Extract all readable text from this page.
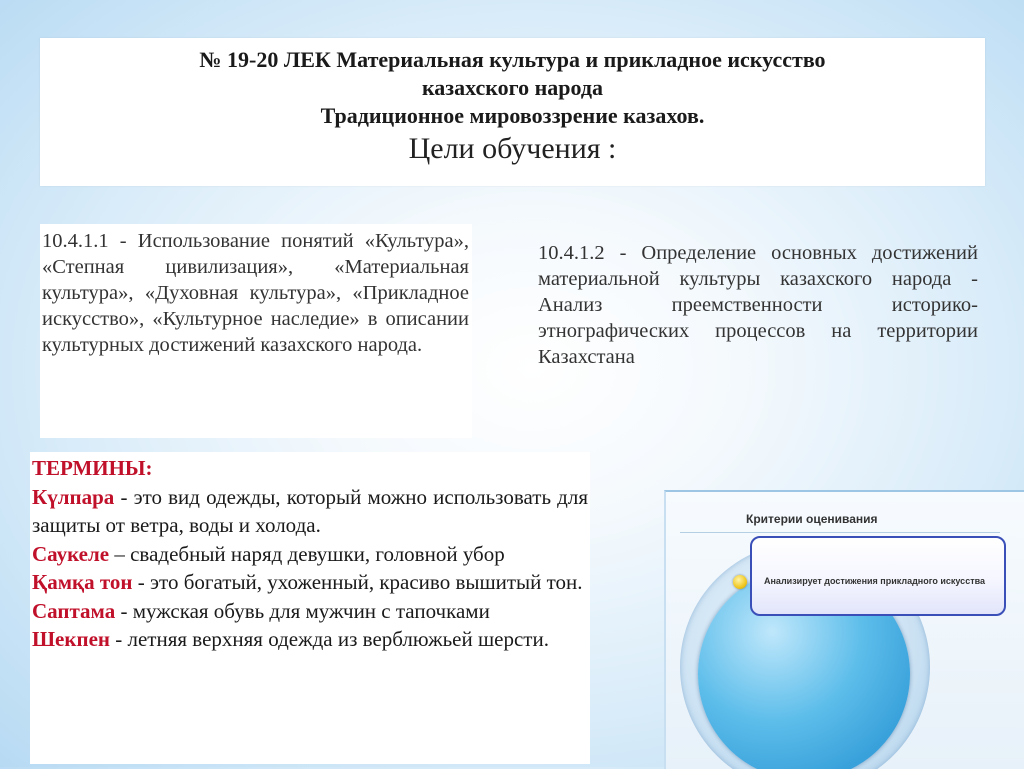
№ 19-20 ЛЕК Материальная культура и прикладное искусство
казахского народа
Традиционное мировоззрение казахов.
Цели обучения :
10.4.1.1 - Использование понятий «Культура», «Степная цивилизация», «Материальная культура», «Духовная культура», «Прикладное искусство», «Культурное наследие» в описании культурных достижений казахского народа.
10.4.1.2 - Определение основных достижений материальной культуры казахского народа - Анализ преемственности историко-этнографических процессов на территории Казахстана
ТЕРМИНЫ:

Күлпара - это вид одежды, который можно использовать для защиты от ветра, воды и холода.

Саукеле – свадебный наряд девушки, головной убор

Қамқа тон - это богатый, ухоженный, красиво вышитый тон.

Саптама - мужская обувь для мужчин с тапочками

Шекпен - летняя верхняя одежда из верблюжьей шерсти.

Критерии оценивания
Анализирует достижения прикладного искусства
